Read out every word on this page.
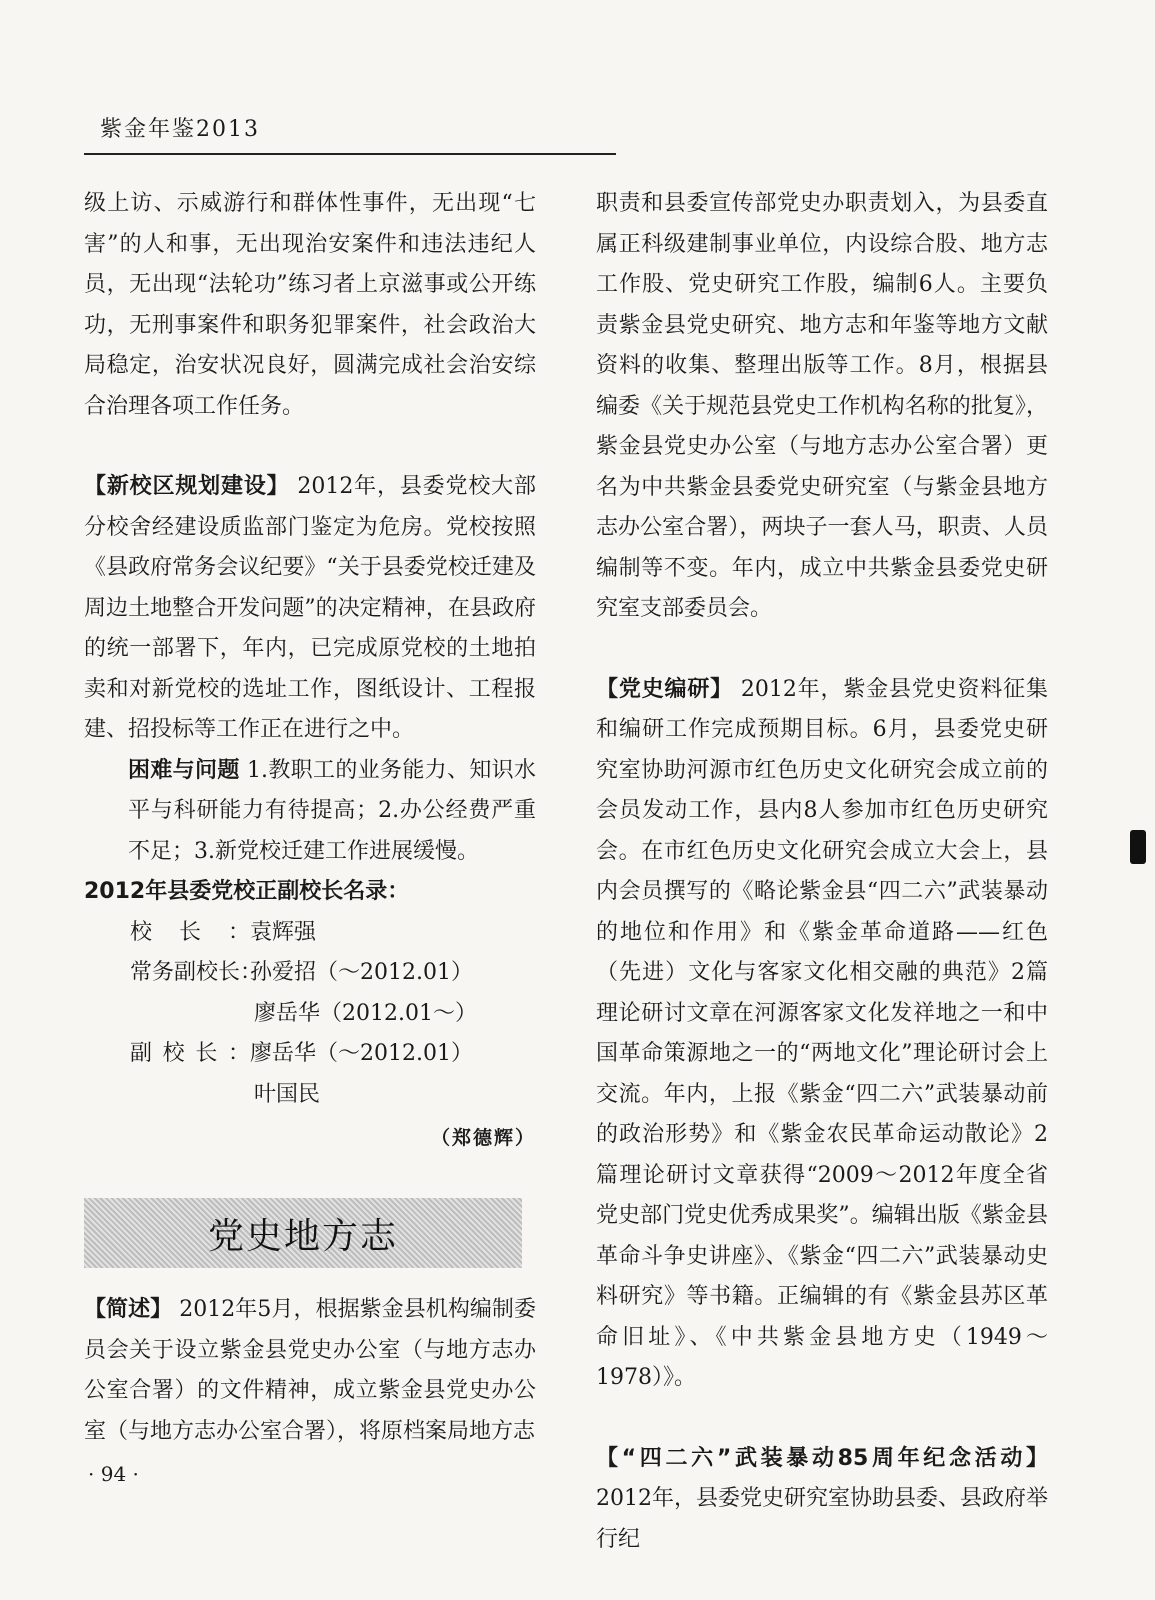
紫金年鉴2013

级上访、示威游行和群体性事件，无出现“七害”的人和事，无出现治安案件和违法违纪人员，无出现“法轮功”练习者上京滋事或公开练功，无刑事案件和职务犯罪案件，社会政治大局稳定，治安状况良好，圆满完成社会治安综合治理各项工作任务。

【新校区规划建设】 2012年，县委党校大部分校舍经建设质监部门鉴定为危房。党校按照《县政府常务会议纪要》“关于县委党校迁建及周边土地整合开发问题”的决定精神，在县政府的统一部署下，年内，已完成原党校的土地拍卖和对新党校的选址工作，图纸设计、工程报建、招投标等工作正在进行之中。

困难与问题 1.教职工的业务能力、知识水平与科研能力有待提高；2.办公经费严重不足；3.新党校迁建工作进展缓慢。

2012年县委党校正副校长名录：

校长：袁辉强
常务副校长：孙爱招（～2012.01）
廖岳华（2012.01～）
副校长：廖岳华（～2012.01）
叶国民
（郑德辉）
党史地方志

【简述】 2012年5月，根据紫金县机构编制委员会关于设立紫金县党史办公室（与地方志办公室合署）的文件精神，成立紫金县党史办公室（与地方志办公室合署），将原档案局地方志

职责和县委宣传部党史办职责划入，为县委直属正科级建制事业单位，内设综合股、地方志工作股、党史研究工作股，编制6人。主要负责紫金县党史研究、地方志和年鉴等地方文献资料的收集、整理出版等工作。8月，根据县编委《关于规范县党史工作机构名称的批复》，紫金县党史办公室（与地方志办公室合署）更名为中共紫金县委党史研究室（与紫金县地方志办公室合署），两块子一套人马，职责、人员编制等不变。年内，成立中共紫金县委党史研究室支部委员会。

【党史编研】 2012年，紫金县党史资料征集和编研工作完成预期目标。6月，县委党史研究室协助河源市红色历史文化研究会成立前的会员发动工作，县内8人参加市红色历史研究会。在市红色历史文化研究会成立大会上，县内会员撰写的《略论紫金县“四二六”武装暴动的地位和作用》和《紫金革命道路——红色（先进）文化与客家文化相交融的典范》2篇理论研讨文章在河源客家文化发祥地之一和中国革命策源地之一的“两地文化”理论研讨会上交流。年内，上报《紫金“四二六”武装暴动前的政治形势》和《紫金农民革命运动散论》2篇理论研讨文章获得“2009～2012年度全省党史部门党史优秀成果奖”。编辑出版《紫金县革命斗争史讲座》、《紫金“四二六”武装暴动史料研究》等书籍。正编辑的有《紫金县苏区革命旧址》、《中共紫金县地方史（1949～1978）》。

【“四二六”武装暴动85周年纪念活动】 2012年，县委党史研究室协助县委、县政府举行纪

· 94 ·
